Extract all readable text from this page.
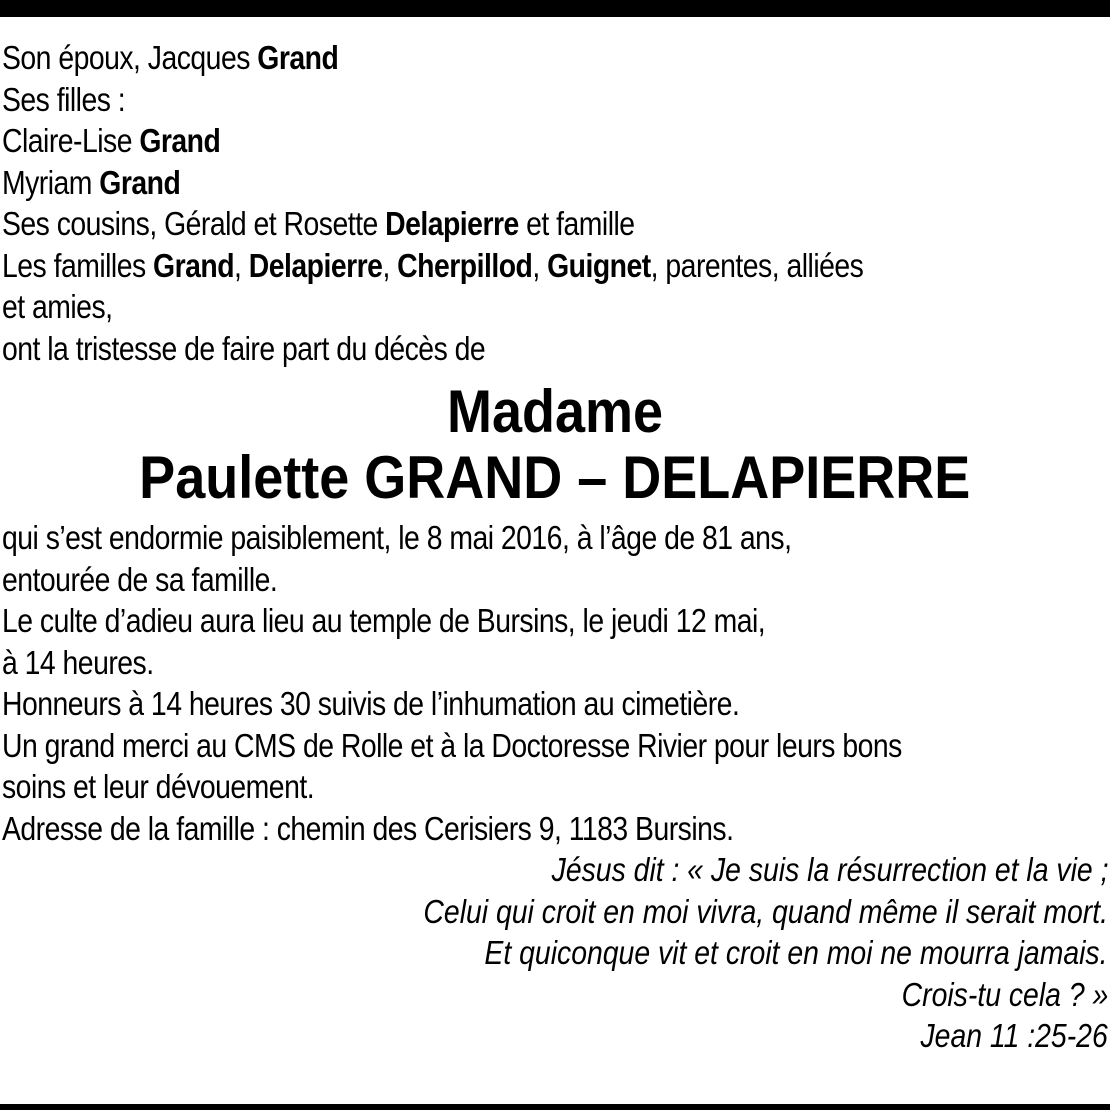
Son époux, Jacques Grand
Ses filles :
Claire-Lise Grand
Myriam Grand
Ses cousins, Gérald et Rosette Delapierre et famille
Les familles Grand, Delapierre, Cherpillod, Guignet, parentes, alliées
et amies,
ont la tristesse de faire part du décès de
Madame
Paulette GRAND – DELAPIERRE
qui s’est endormie paisiblement, le 8 mai 2016, à l’âge de 81 ans,
entourée de sa famille.
Le culte d’adieu aura lieu au temple de Bursins, le jeudi 12 mai,
à 14 heures.
Honneurs à 14 heures 30 suivis de l’inhumation au cimetière.
Un grand merci au CMS de Rolle et à la Doctoresse Rivier pour leurs bons
soins et leur dévouement.
Adresse de la famille : chemin des Cerisiers 9, 1183 Bursins.
Jésus dit : « Je suis la résurrection et la vie ;
Celui qui croit en moi vivra, quand même il serait mort.
Et quiconque vit et croit en moi ne mourra jamais.
Crois-tu cela ? »
Jean 11 :25-26
